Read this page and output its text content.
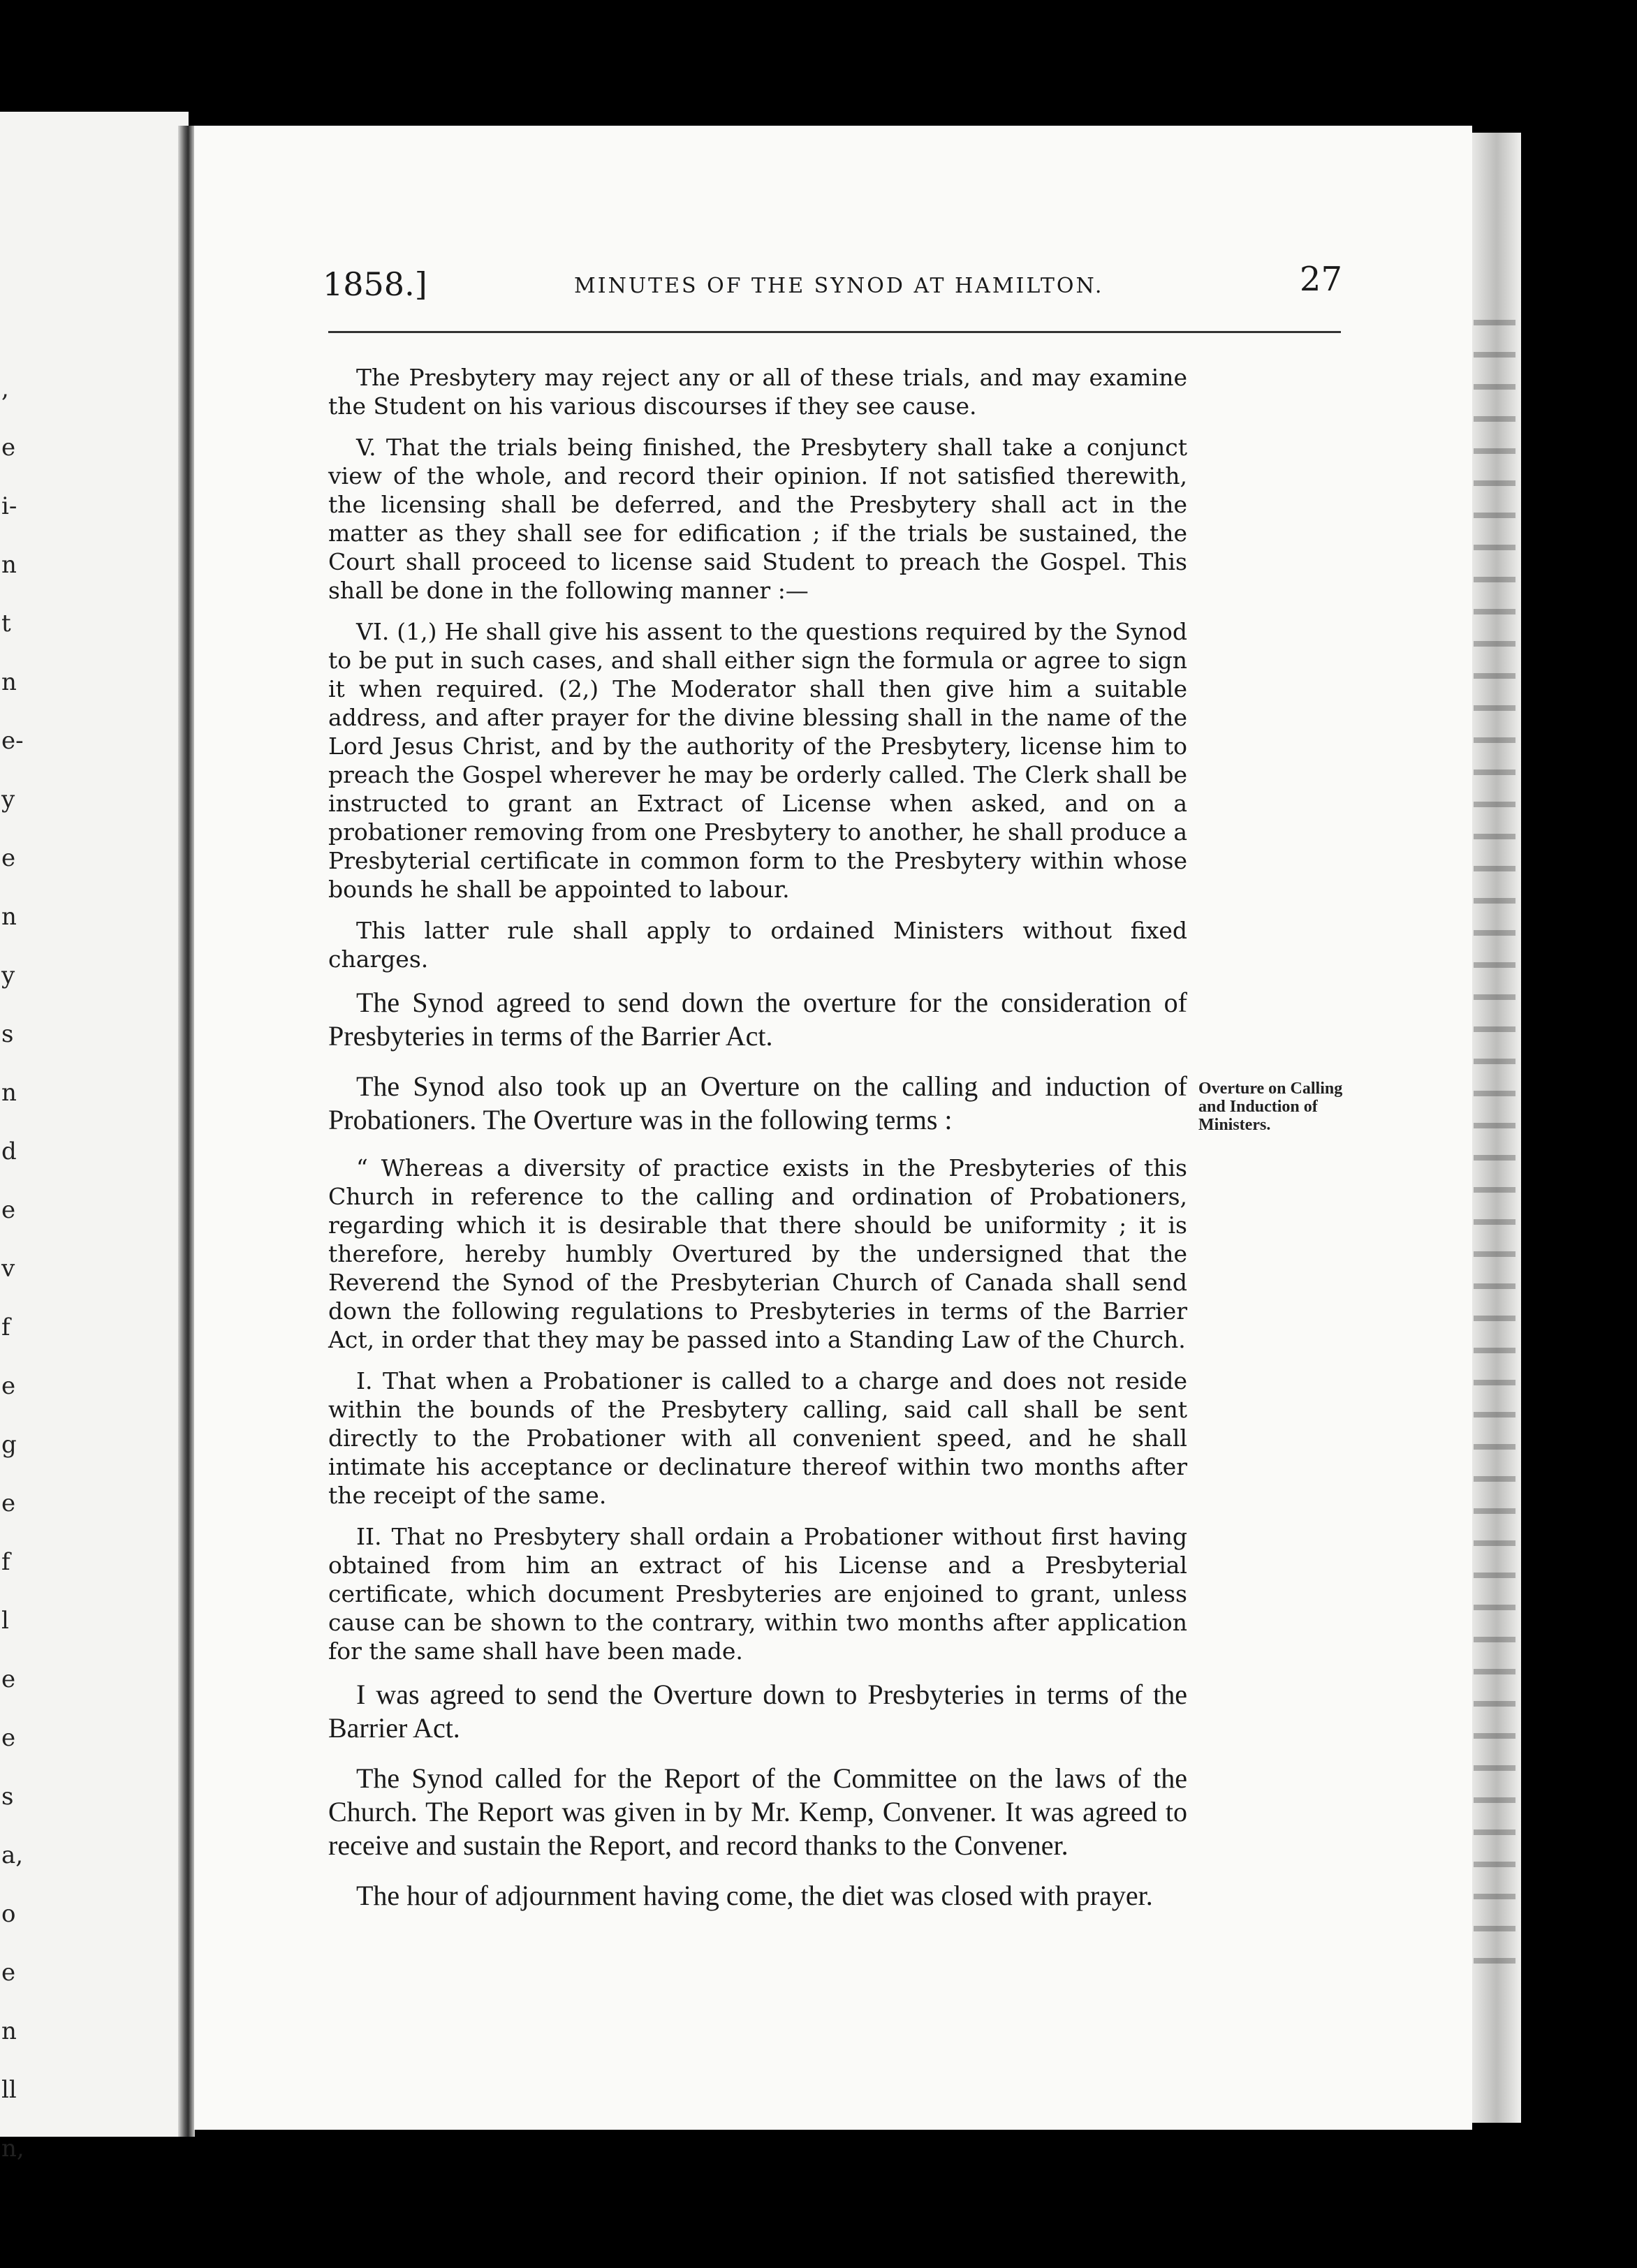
,
e
i-
n
t
n
e-
y
e
n
y
s
n
d
e
v
f
e
g
e
f
l
e
e
s
a,
o
e
n
ll
n,
1858.]	MINUTES OF THE SYNOD AT HAMILTON.	27

The Presbytery may reject any or all of these trials, and may examine the Student on his various discourses if they see cause.

V. That the trials being finished, the Presbytery shall take a conjunct view of the whole, and record their opinion. If not satisfied therewith, the licensing shall be deferred, and the Presbytery shall act in the matter as they shall see for edification ; if the trials be sustained, the Court shall proceed to license said Student to preach the Gospel. This shall be done in the following manner :—

VI. (1,) He shall give his assent to the questions required by the Synod to be put in such cases, and shall either sign the formula or agree to sign it when required. (2,) The Moderator shall then give him a suitable address, and after prayer for the divine blessing shall in the name of the Lord Jesus Christ, and by the authority of the Presbytery, license him to preach the Gospel wherever he may be orderly called. The Clerk shall be instructed to grant an Extract of License when asked, and on a probationer removing from one Presbytery to another, he shall produce a Presbyterial certificate in common form to the Presbytery within whose bounds he shall be appointed to labour.

This latter rule shall apply to ordained Ministers without fixed charges.

The Synod agreed to send down the overture for the consideration of Presbyteries in terms of the Barrier Act.

The Synod also took up an Overture on the calling and induction of Probationers. The Overture was in the following terms :

“ Whereas a diversity of practice exists in the Presbyteries of this Church in reference to the calling and ordination of Probationers, regarding which it is desirable that there should be uniformity ; it is therefore, hereby humbly Overtured by the undersigned that the Reverend the Synod of the Presbyterian Church of Canada shall send down the following regulations to Presbyteries in terms of the Barrier Act, in order that they may be passed into a Standing Law of the Church.

I. That when a Probationer is called to a charge and does not reside within the bounds of the Presbytery calling, said call shall be sent directly to the Probationer with all convenient speed, and he shall intimate his acceptance or declinature thereof within two months after the receipt of the same.

II. That no Presbytery shall ordain a Probationer without first having obtained from him an extract of his License and a Presbyterial certificate, which document Presbyteries are enjoined to grant, unless cause can be shown to the contrary, within two months after application for the same shall have been made.

I was agreed to send the Overture down to Presbyteries in terms of the Barrier Act.

The Synod called for the Report of the Committee on the laws of the Church. The Report was given in by Mr. Kemp, Convener. It was agreed to receive and sustain the Report, and record thanks to the Convener.

The hour of adjournment having come, the diet was closed with prayer.

Overture on Calling and Induction of Ministers.
